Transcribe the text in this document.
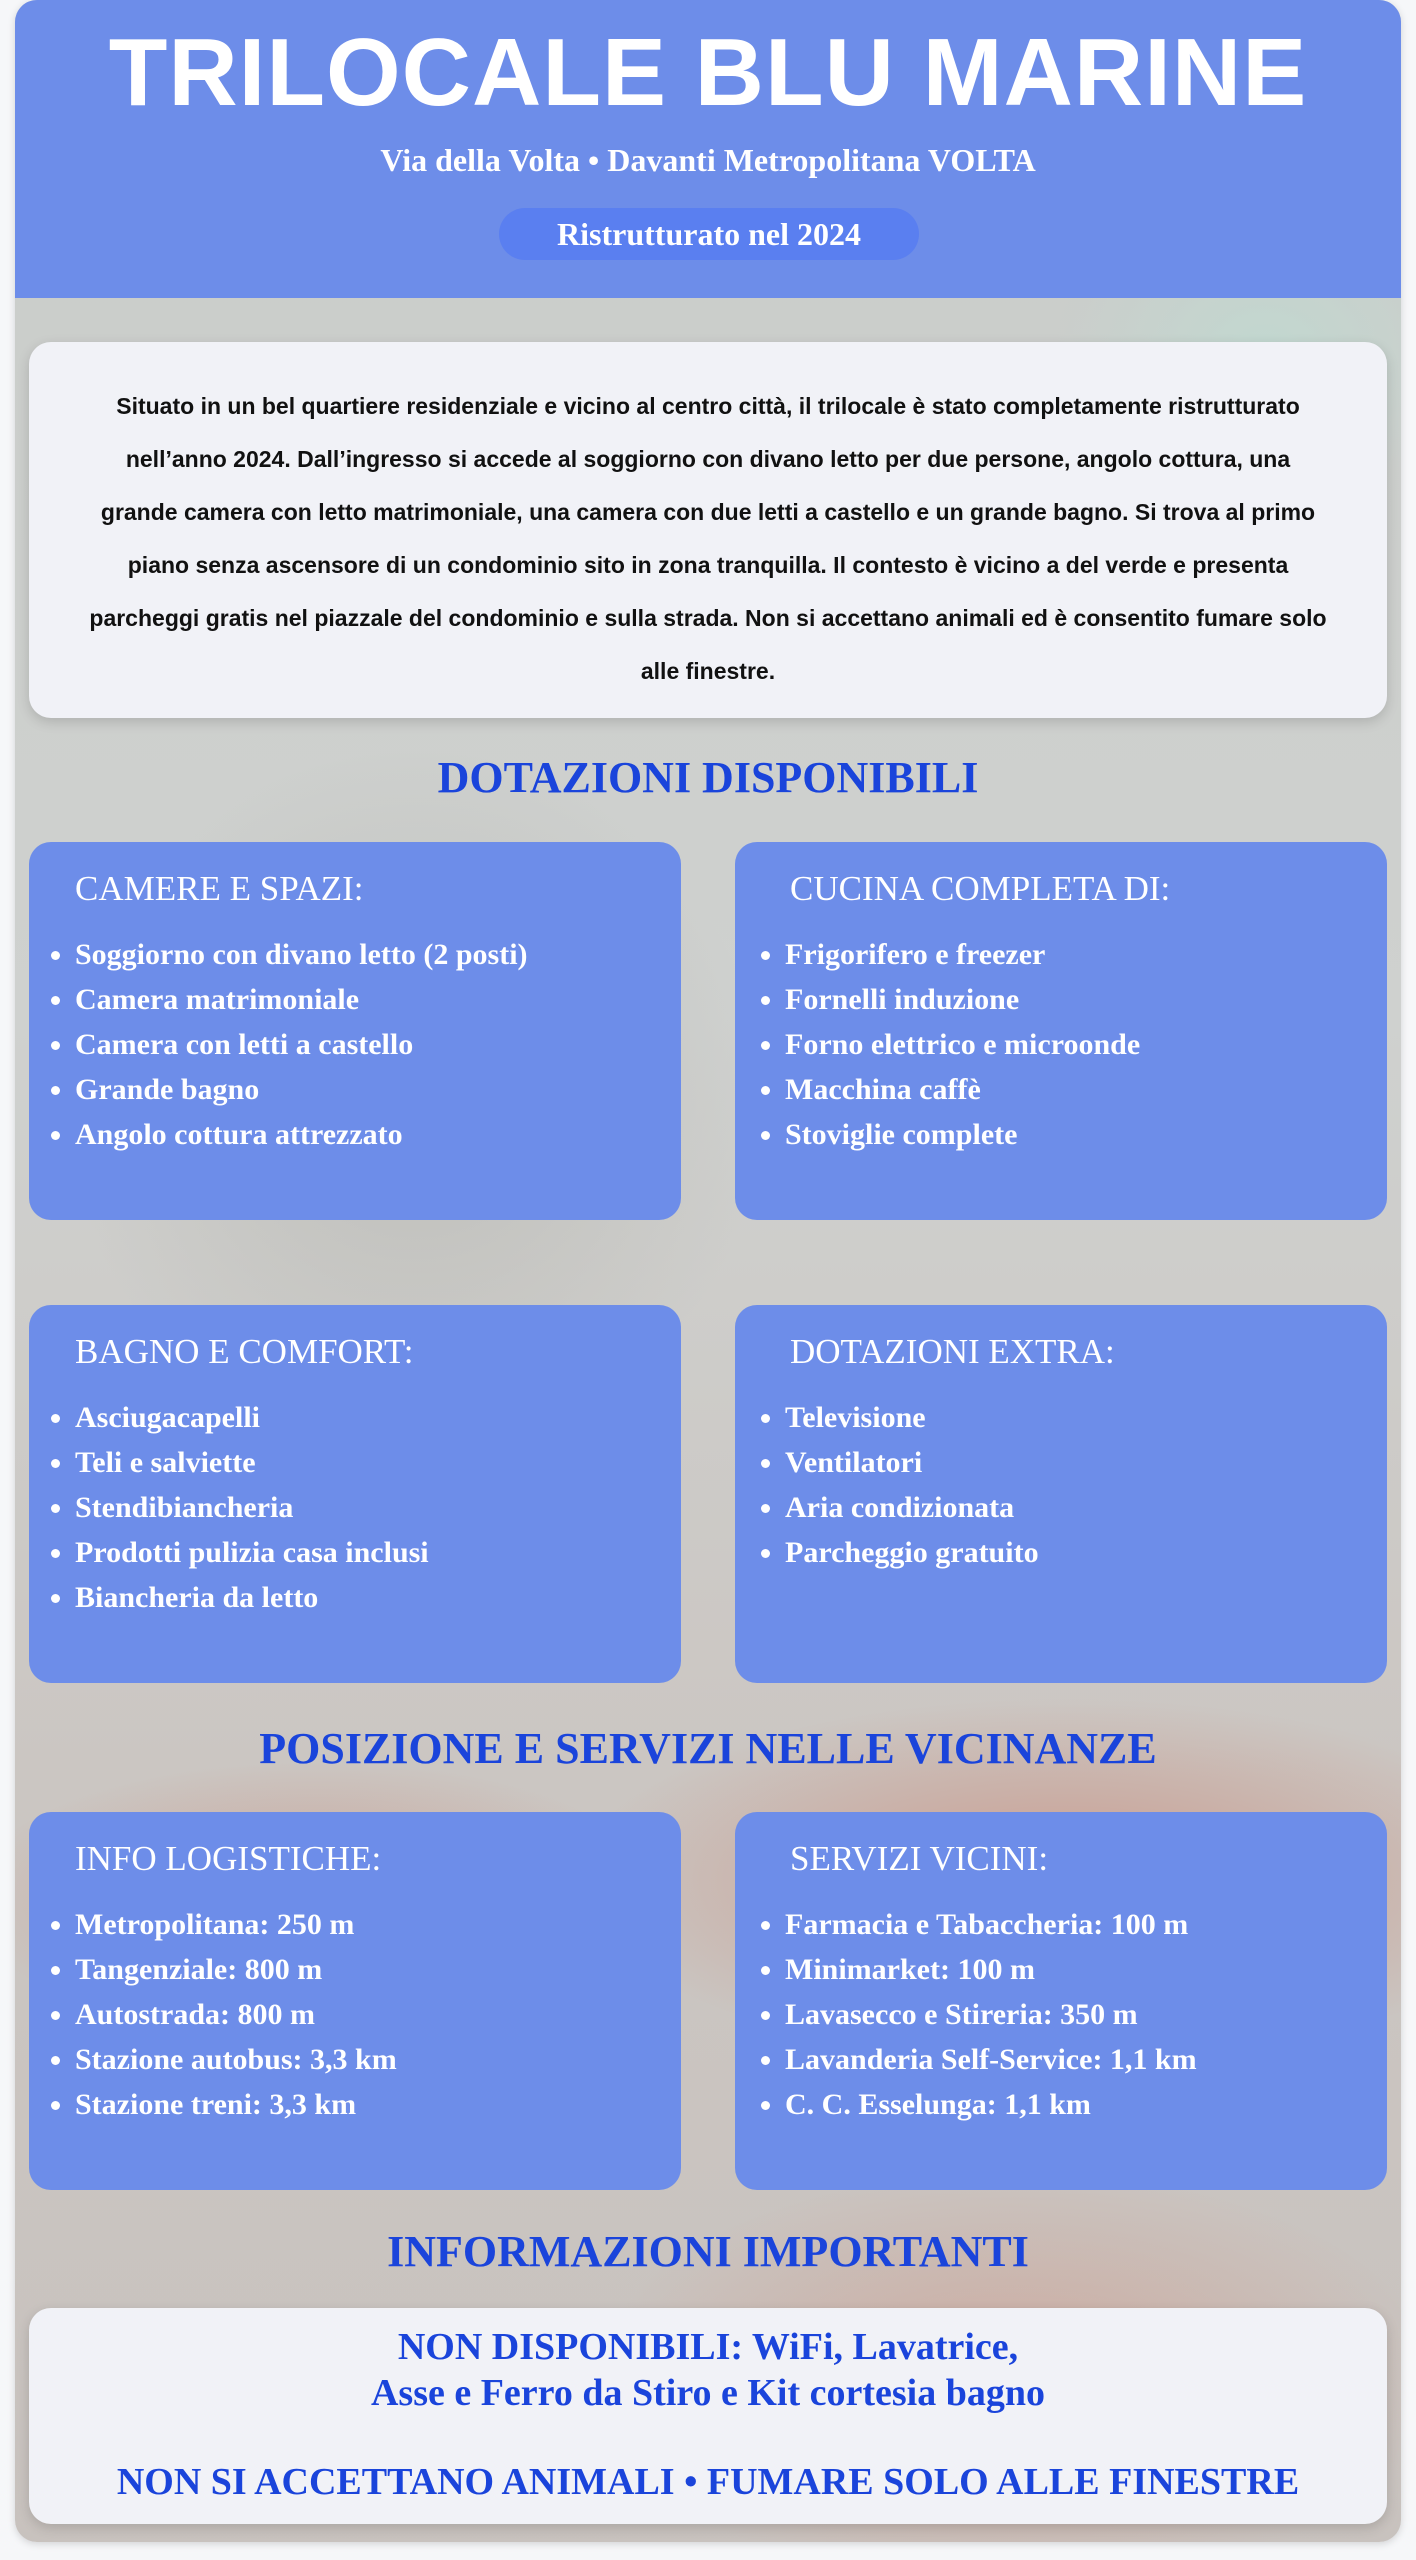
TRILOCALE BLU MARINE
Via della Volta • Davanti Metropolitana VOLTA
Ristrutturato nel 2024

Situato in un bel quartiere residenziale e vicino al centro città, il trilocale è stato completamente ristrutturato nell’anno 2024. Dall’ingresso si accede al soggiorno con divano letto per due persone, angolo cottura, una grande camera con letto matrimoniale, una camera con due letti a castello e un grande bagno. Si trova al primo piano senza ascensore di un condominio sito in zona tranquilla. Il contesto è vicino a del verde e presenta parcheggi gratis nel piazzale del condominio e sulla strada. Non si accettano animali ed è consentito fumare solo alle finestre.

DOTAZIONI DISPONIBILI
CAMERE E SPAZI:
Soggiorno con divano letto (2 posti)
Camera matrimoniale
Camera con letti a castello
Grande bagno
Angolo cottura attrezzato
CUCINA COMPLETA DI:
Frigorifero e freezer
Fornelli induzione
Forno elettrico e microonde
Macchina caffè
Stoviglie complete
BAGNO E COMFORT:
Asciugacapelli
Teli e salviette
Stendibiancheria
Prodotti pulizia casa inclusi
Biancheria da letto
DOTAZIONI EXTRA:
Televisione
Ventilatori
Aria condizionata
Parcheggio gratuito
POSIZIONE E SERVIZI NELLE VICINANZE
INFO LOGISTICHE:
Metropolitana: 250 m
Tangenziale: 800 m
Autostrada: 800 m
Stazione autobus: 3,3 km
Stazione treni: 3,3 km
SERVIZI VICINI:
Farmacia e Tabaccheria: 100 m
Minimarket: 100 m
Lavasecco e Stireria: 350 m
Lavanderia Self-Service: 1,1 km
C. C. Esselunga: 1,1 km
INFORMAZIONI IMPORTANTI
NON DISPONIBILI: WiFi, Lavatrice, Asse e Ferro da Stiro e Kit cortesia bagno
NON SI ACCETTANO ANIMALI • FUMARE SOLO ALLE FINESTRE
